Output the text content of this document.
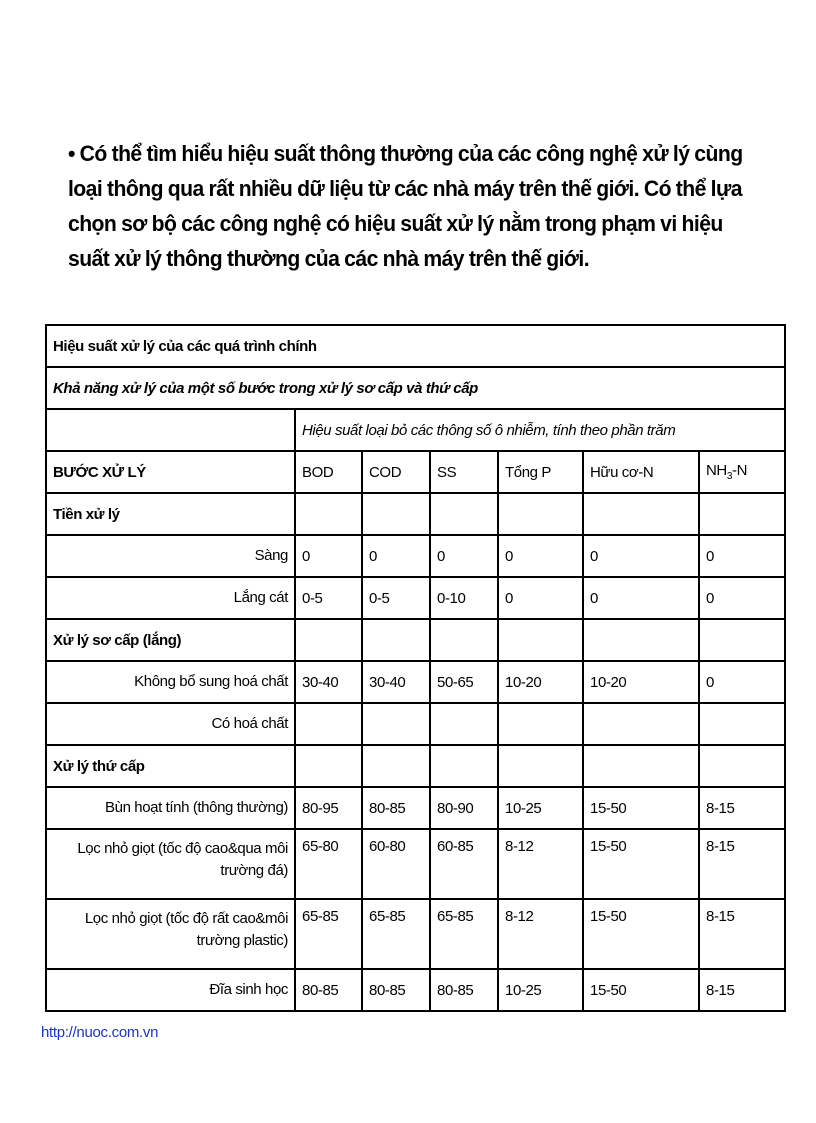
• Có thể tìm hiểu hiệu suất thông thường của các công nghệ xử lý cùng loại thông qua rất nhiều dữ liệu từ các nhà máy trên thế giới. Có thể lựa chọn sơ bộ các công nghệ có hiệu suất xử lý nằm trong phạm vi hiệu suất xử lý thông thường của các nhà máy trên thế giới.

Hiệu suất xử lý của các quá trình chính						
Khả năng xử lý của một số bước trong xử lý sơ cấp và thứ cấp						
	Hiệu suất loại bỏ các thông số ô nhiễm, tính theo phần trăm					
BƯỚC XỬ LÝ	BOD	COD	SS	Tổng P	Hữu cơ-N	$NH_3-N$
Tiền xử lý						
Sàng	0	0	0	0	0	0
Lắng cát	0-5	0-5	0-10	0	0	0
Xử lý sơ cấp (lắng)						
Không bổ sung hoá chất	30-40	30-40	50-65	10-20	10-20	0
Có hoá chất						
Xử lý thứ cấp						
Bùn hoạt tính (thông thường)	80-95	80-85	80-90	10-25	15-50	8-15
Lọc nhỏ giọt (tốc độ cao&qua môi trường đá)	65-80	60-80	60-85	8-12	15-50	8-15
Lọc nhỏ giọt (tốc độ rất cao&môi trường plastic)	65-85	65-85	65-85	8-12	15-50	8-15
Đĩa sinh học	80-85	80-85	80-85	10-25	15-50	8-15
http://nuoc.com.vn
